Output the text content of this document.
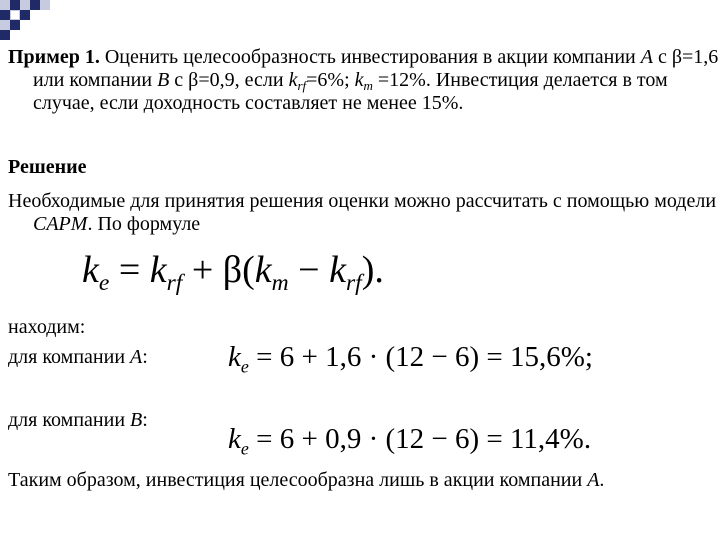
Пример 1. Оценить целесообразность инвестирования в акции компании A с β=1,6 или компании B с β=0,9, если $k_{rf}=6\%$; $k_m =12\%$. Инвестиция делается в том случае, если доходность составляет не менее 15%.
Решение
Необходимые для принятия решения оценки можно рассчитать с помощью модели CAPM. По формуле
$k_e = k_{rf} + \beta(k_m - k_{rf})$.
находим:
для компании A:	$k_e = 6 + 1,6 \cdot (12 - 6) = 15,6\%$;
для компании B:
$k_e = 6 + 0,9 \cdot (12 - 6) = 11,4\%$.
Таким образом, инвестиция целесообразна лишь в акции компании A.
